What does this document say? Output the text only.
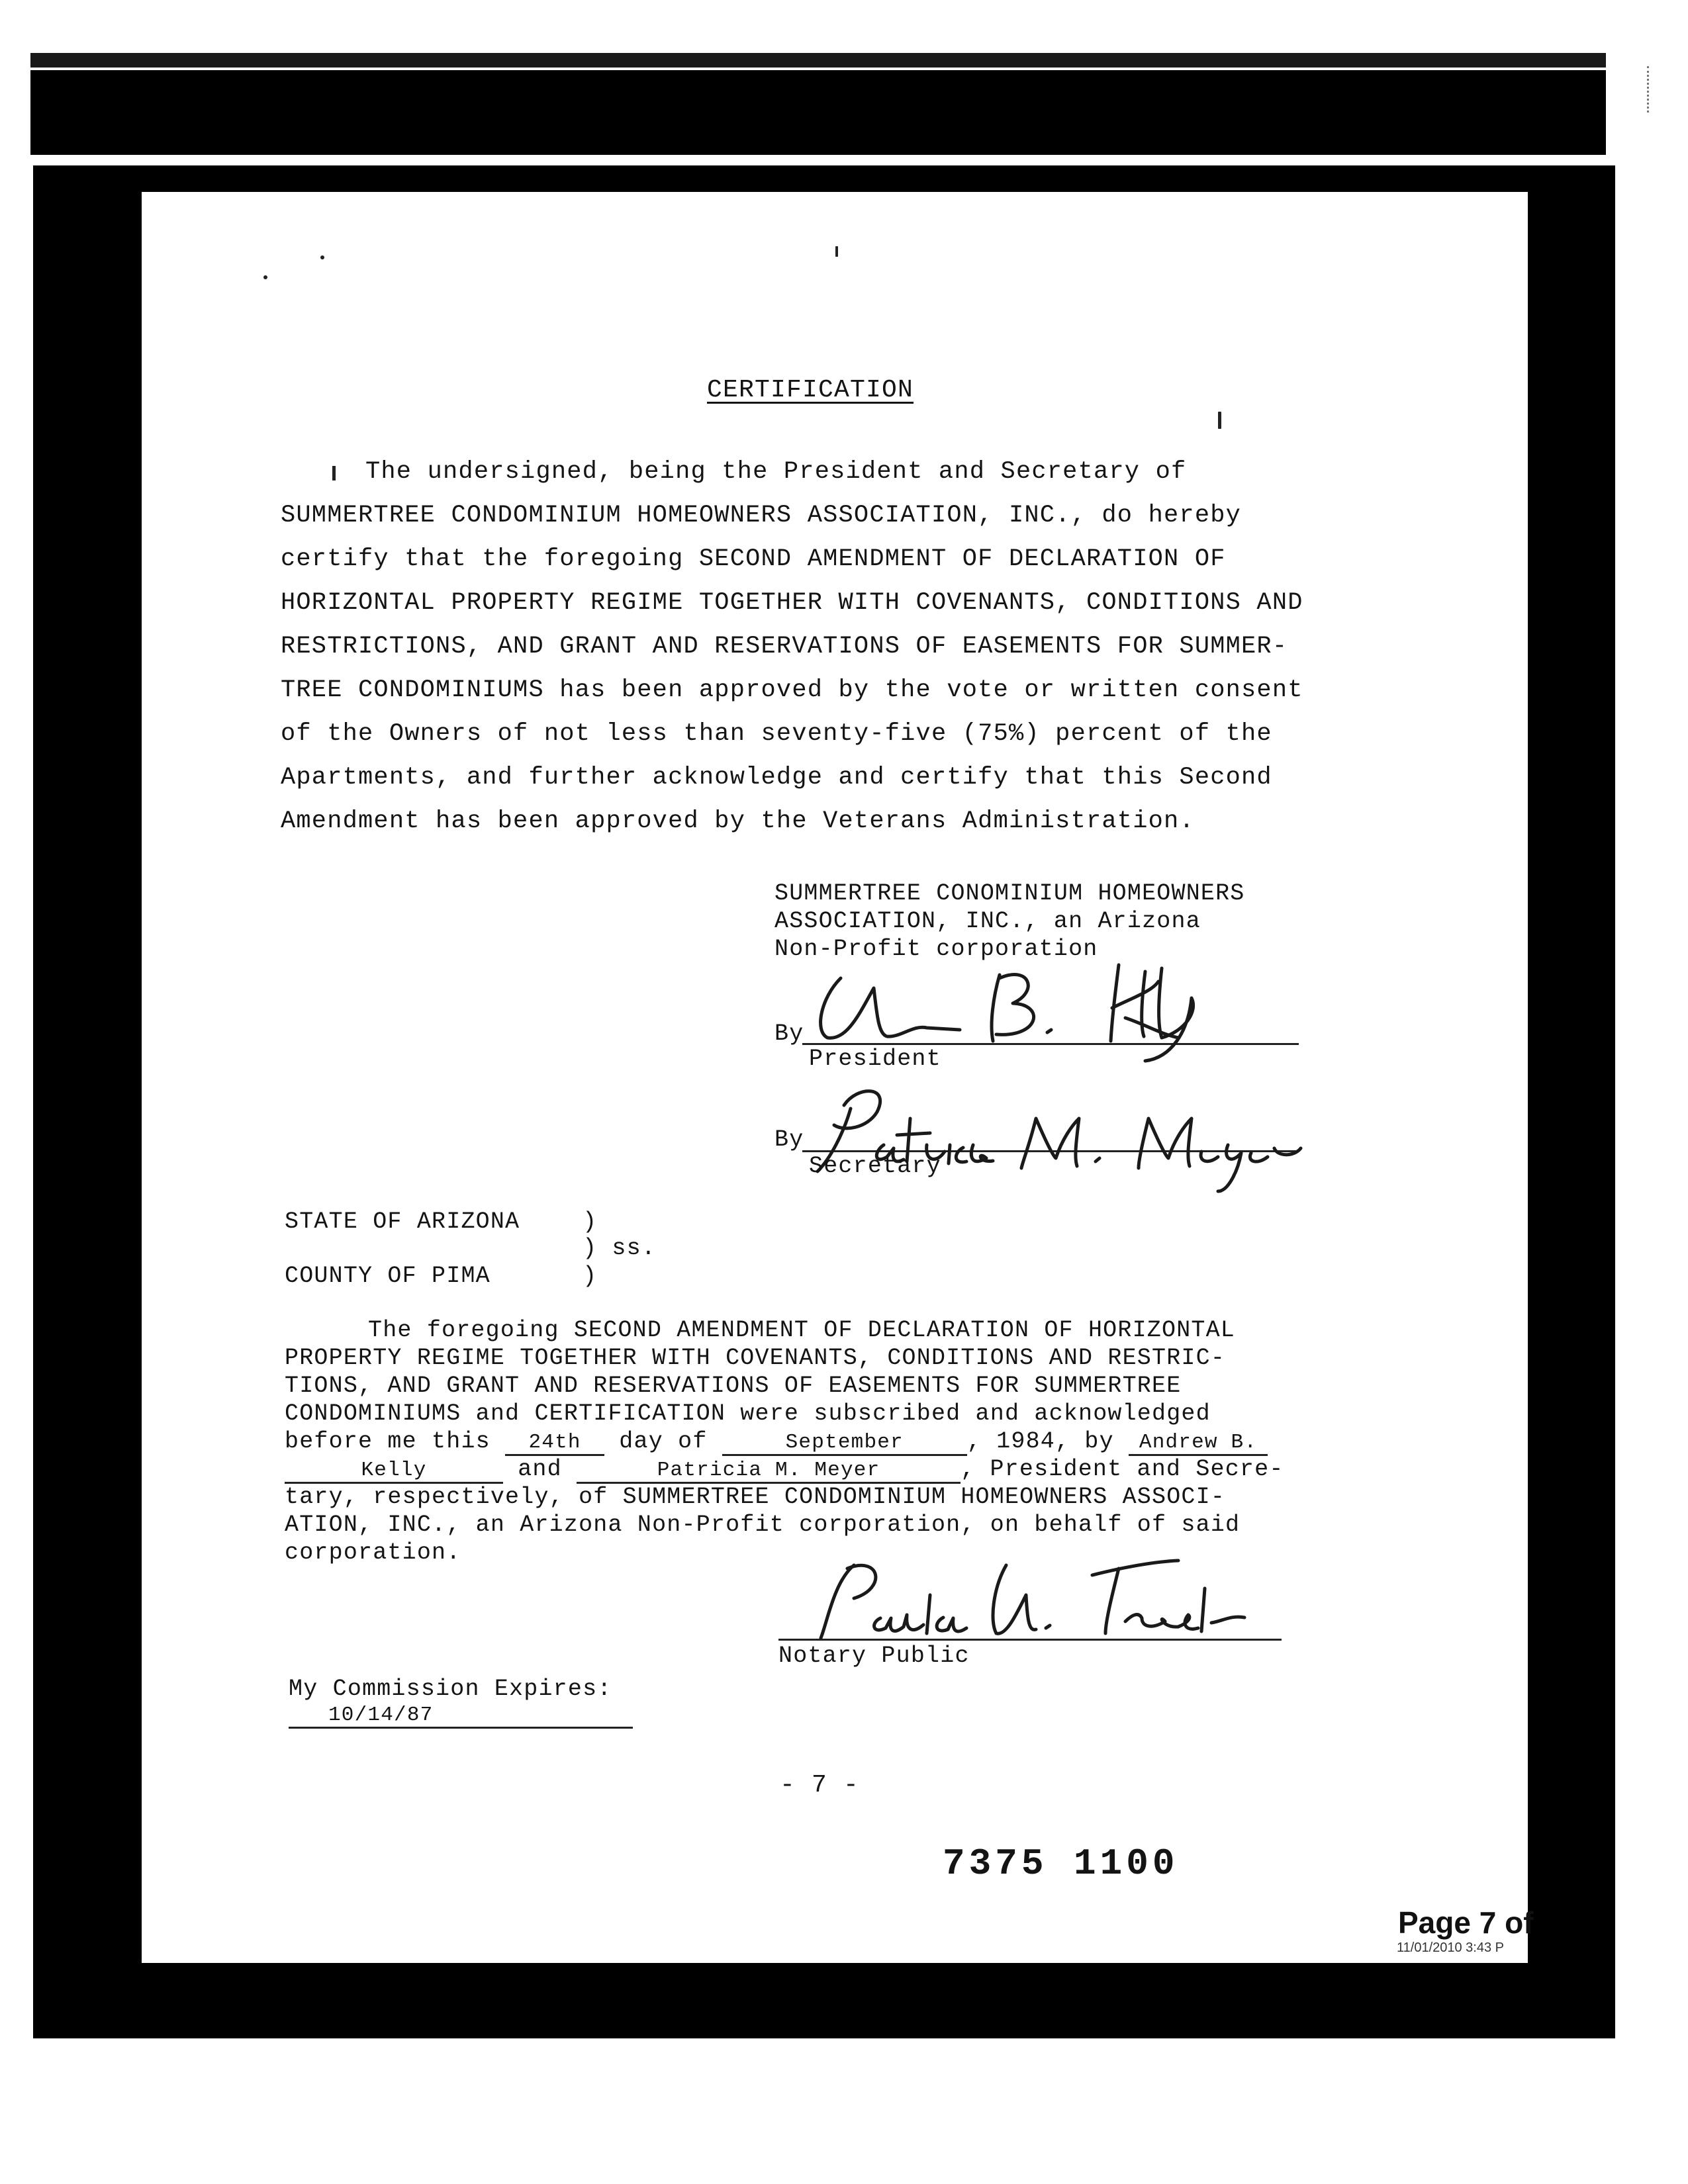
CERTIFICATION
The undersigned, being the President and Secretary of
SUMMERTREE CONDOMINIUM HOMEOWNERS ASSOCIATION, INC., do hereby
certify that the foregoing SECOND AMENDMENT OF DECLARATION OF
HORIZONTAL PROPERTY REGIME TOGETHER WITH COVENANTS, CONDITIONS AND
RESTRICTIONS, AND GRANT AND RESERVATIONS OF EASEMENTS FOR SUMMER-
TREE CONDOMINIUMS has been approved by the vote or written consent
of the Owners of not less than seventy-five (75%) percent of the
Apartments, and further acknowledge and certify that this Second
Amendment has been approved by the Veterans Administration.
SUMMERTREE CONOMINIUM HOMEOWNERS
ASSOCIATION, INC., an Arizona
Non-Profit corporation
By
President
By
Secretary
STATE OF ARIZONA	)
) ss.
COUNTY OF PIMA	)
The foregoing SECOND AMENDMENT OF DECLARATION OF HORIZONTAL
PROPERTY REGIME TOGETHER WITH COVENANTS, CONDITIONS AND RESTRIC-
TIONS, AND GRANT AND RESERVATIONS OF EASEMENTS FOR SUMMERTREE
CONDOMINIUMS and CERTIFICATION were subscribed and acknowledged
before me this 24th day of	September	, 1984, by Andrew B.
Kelly	and	Patricia M. Meyer	, President and Secre-
tary, respectively, of SUMMERTREE CONDOMINIUM HOMEOWNERS ASSOCI-
ATION, INC., an Arizona Non-Profit corporation, on behalf of said
corporation.
Notary Public
My Commission Expires:
10/14/87
- 7 -
7375 1100
Page 7 of
11/01/2010 3:43 P
